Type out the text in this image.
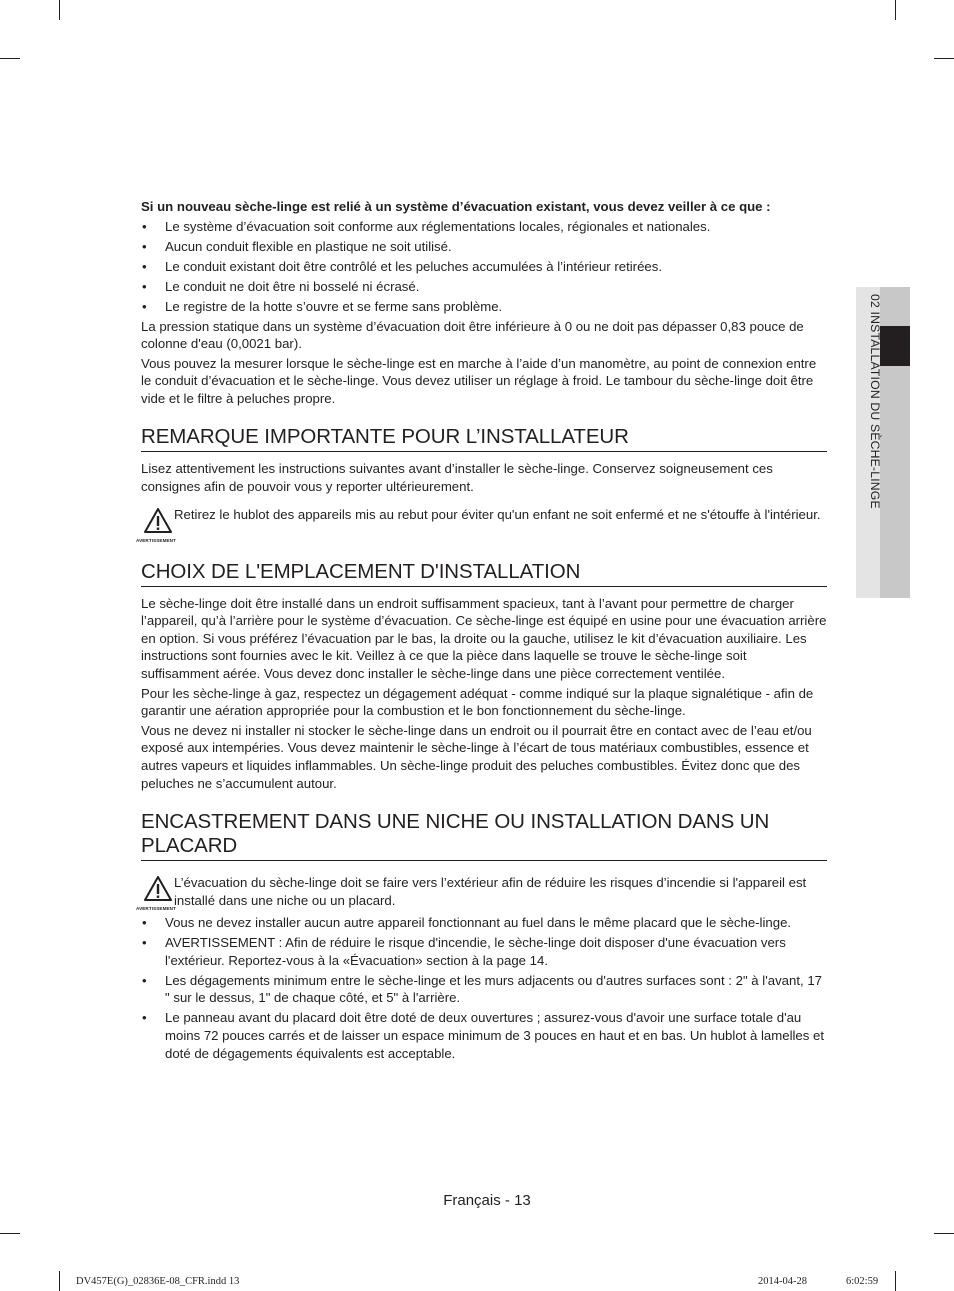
02 INSTALLATION DU SÈCHE-LINGE

Si un nouveau sèche-linge est relié à un système d’évacuation existant, vous devez veiller à ce que :

• Le système d’évacuation soit conforme aux réglementations locales, régionales et nationales.
• Aucun conduit flexible en plastique ne soit utilisé.
• Le conduit existant doit être contrôlé et les peluches accumulées à l’intérieur retirées.
• Le conduit ne doit être ni bosselé ni écrasé.
• Le registre de la hotte s’ouvre et se ferme sans problème.

La pression statique dans un système d’évacuation doit être inférieure à 0 ou ne doit pas dépasser 0,83 pouce de colonne d'eau (0,0021 bar).

Vous pouvez la mesurer lorsque le sèche-linge est en marche à l’aide d’un manomètre, au point de connexion entre le conduit d’évacuation et le sèche-linge. Vous devez utiliser un réglage à froid. Le tambour du sèche-linge doit être vide et le filtre à peluches propre.

REMARQUE IMPORTANTE POUR L’INSTALLATEUR

Lisez attentivement les instructions suivantes avant d’installer le sèche-linge. Conservez soigneusement ces consignes afin de pouvoir vous y reporter ultérieurement.

AVERTISSEMENT
Retirez le hublot des appareils mis au rebut pour éviter qu'un enfant ne soit enfermé et ne s'étouffe à l'intérieur.
CHOIX DE L'EMPLACEMENT D'INSTALLATION

Le sèche-linge doit être installé dans un endroit suffisamment spacieux, tant à l’avant pour permettre de charger l’appareil, qu’à l’arrière pour le système d’évacuation. Ce sèche-linge est équipé en usine pour une évacuation arrière en option. Si vous préférez l’évacuation par le bas, la droite ou la gauche, utilisez le kit d’évacuation auxiliaire. Les instructions sont fournies avec le kit. Veillez à ce que la pièce dans laquelle se trouve le sèche-linge soit suffisamment aérée. Vous devez donc installer le sèche-linge dans une pièce correctement ventilée.

Pour les sèche-linge à gaz, respectez un dégagement adéquat - comme indiqué sur la plaque signalétique - afin de garantir une aération appropriée pour la combustion et le bon fonctionnement du sèche-linge.

Vous ne devez ni installer ni stocker le sèche-linge dans un endroit ou il pourrait être en contact avec de l’eau et/ou exposé aux intempéries. Vous devez maintenir le sèche-linge à l’écart de tous matériaux combustibles, essence et autres vapeurs et liquides inflammables. Un sèche-linge produit des peluches combustibles. Évitez donc que des peluches ne s’accumulent autour.

ENCASTREMENT DANS UNE NICHE OU INSTALLATION DANS UN PLACARD
AVERTISSEMENT
L’évacuation du sèche-linge doit se faire vers l’extérieur afin de réduire les risques d’incendie si l'appareil est installé dans une niche ou un placard.
• Vous ne devez installer aucun autre appareil fonctionnant au fuel dans le même placard que le sèche-linge.
• AVERTISSEMENT : Afin de réduire le risque d'incendie, le sèche-linge doit disposer d'une évacuation vers l'extérieur. Reportez-vous à la «Évacuation» section à la page 14.
• Les dégagements minimum entre le sèche-linge et les murs adjacents ou d'autres surfaces sont : 2" à l'avant, 17 " sur le dessus, 1" de chaque côté, et 5" à l'arrière.
• Le panneau avant du placard doit être doté de deux ouvertures ; assurez-vous d'avoir une surface totale d'au moins 72 pouces carrés et de laisser un espace minimum de 3 pouces en haut et en bas. Un hublot à lamelles et doté de dégagements équivalents est acceptable.
Français - 13
DV457E(G)_02836E-08_CFR.indd 13	2014-04-28	6:02:59
